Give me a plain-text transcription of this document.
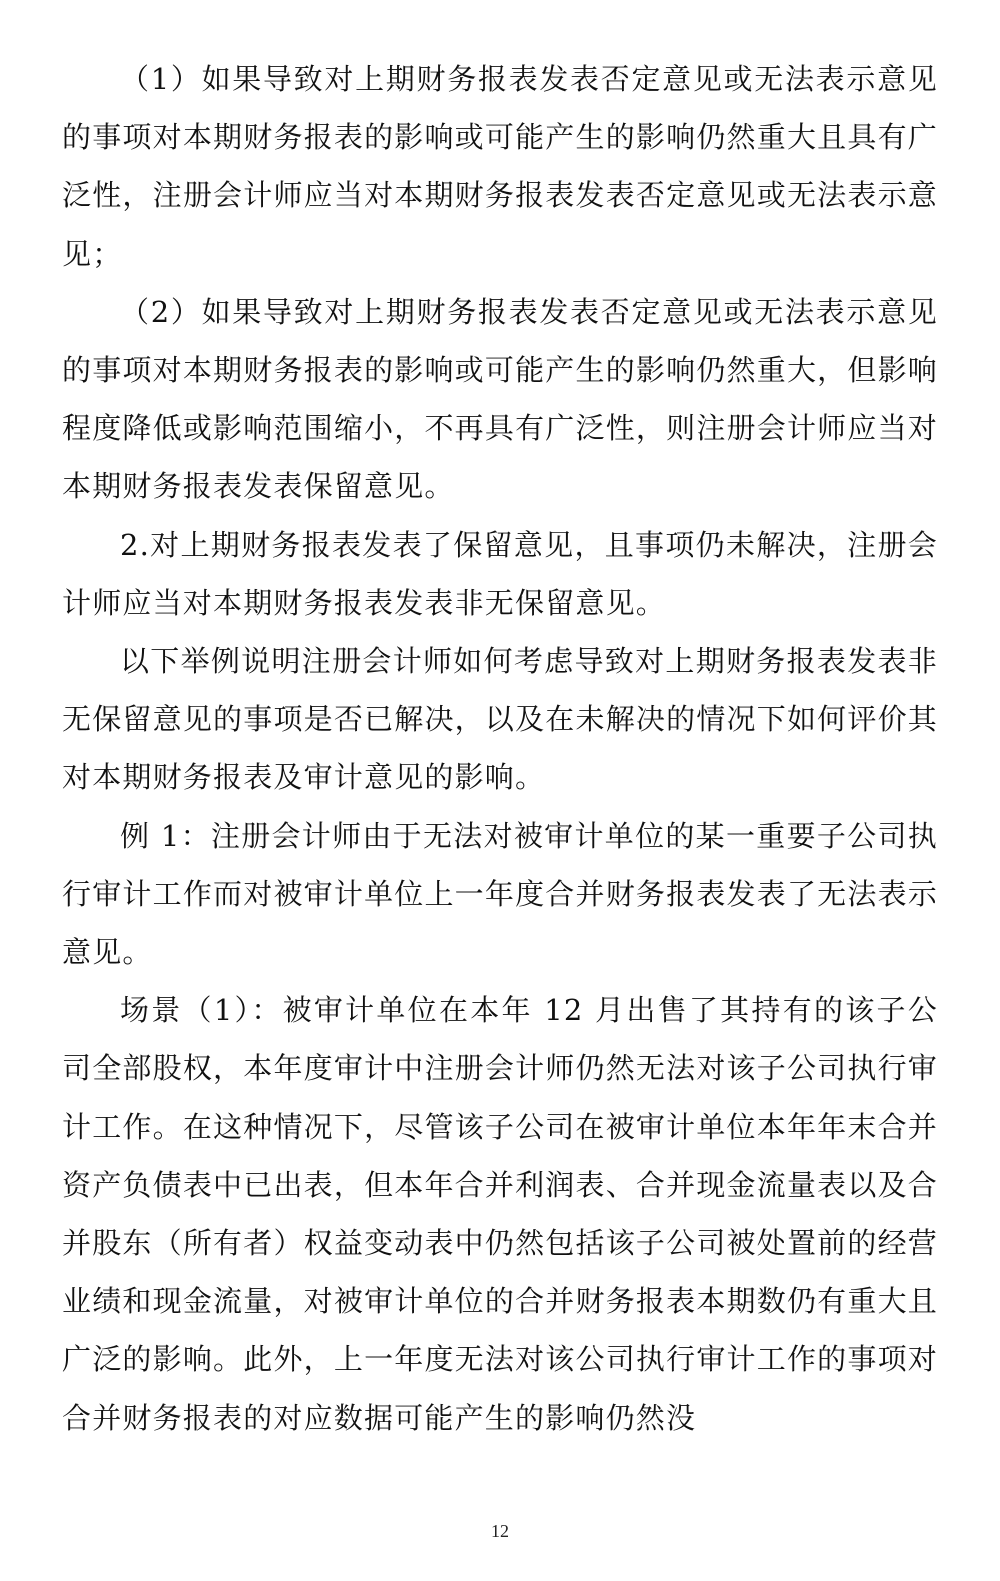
（1）如果导致对上期财务报表发表否定意见或无法表示意见的事项对本期财务报表的影响或可能产生的影响仍然重大且具有广泛性，注册会计师应当对本期财务报表发表否定意见或无法表示意见；

（2）如果导致对上期财务报表发表否定意见或无法表示意见的事项对本期财务报表的影响或可能产生的影响仍然重大，但影响程度降低或影响范围缩小，不再具有广泛性，则注册会计师应当对本期财务报表发表保留意见。

2.对上期财务报表发表了保留意见，且事项仍未解决，注册会计师应当对本期财务报表发表非无保留意见。

以下举例说明注册会计师如何考虑导致对上期财务报表发表非无保留意见的事项是否已解决，以及在未解决的情况下如何评价其对本期财务报表及审计意见的影响。

例 1：注册会计师由于无法对被审计单位的某一重要子公司执行审计工作而对被审计单位上一年度合并财务报表发表了无法表示意见。

场景（1）：被审计单位在本年 12 月出售了其持有的该子公司全部股权，本年度审计中注册会计师仍然无法对该子公司执行审计工作。在这种情况下，尽管该子公司在被审计单位本年年末合并资产负债表中已出表，但本年合并利润表、合并现金流量表以及合并股东（所有者）权益变动表中仍然包括该子公司被处置前的经营业绩和现金流量，对被审计单位的合并财务报表本期数仍有重大且广泛的影响。此外，上一年度无法对该公司执行审计工作的事项对合并财务报表的对应数据可能产生的影响仍然没

12
